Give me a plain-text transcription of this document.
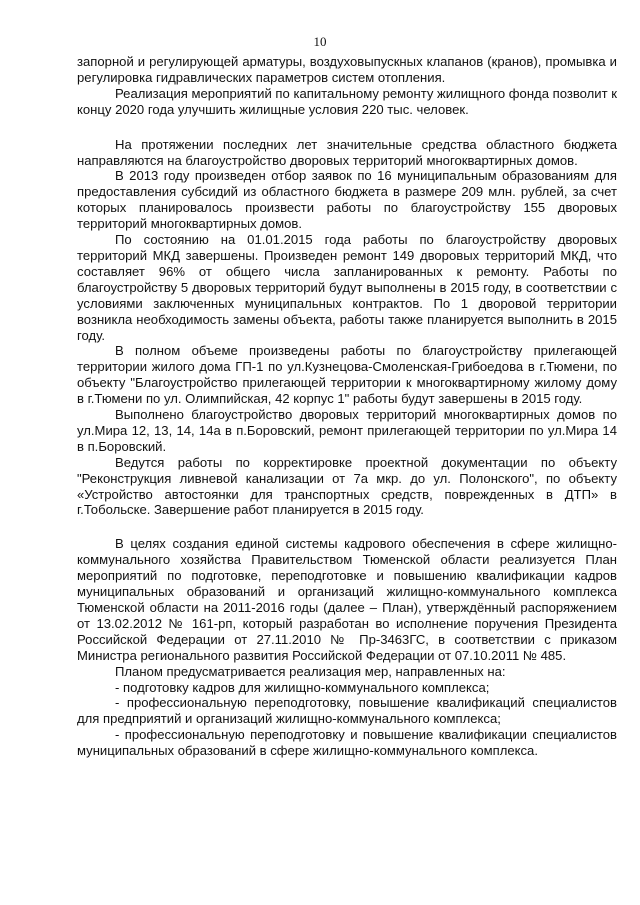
10

запорной и регулирующей арматуры, воздуховыпускных клапанов (кранов), промывка и регулировка гидравлических параметров систем отопления.

Реализация мероприятий по капитальному ремонту жилищного фонда позволит к концу 2020 года улучшить жилищные условия 220 тыс. человек.

На протяжении последних лет значительные средства областного бюджета направляются на благоустройство дворовых территорий многоквартирных домов.

В 2013 году произведен отбор заявок по 16 муниципальным образованиям для предоставления субсидий из областного бюджета в размере 209 млн. рублей, за счет которых планировалось произвести работы по благоустройству 155 дворовых территорий многоквартирных домов.

По состоянию на 01.01.2015 года работы по благоустройству дворовых территорий МКД завершены. Произведен ремонт 149 дворовых территорий МКД, что составляет 96% от общего числа запланированных к ремонту. Работы по благоустройству 5 дворовых территорий будут выполнены в 2015 году, в соответствии с условиями заключенных муниципальных контрактов. По 1 дворовой территории возникла необходимость замены объекта, работы также планируется выполнить в 2015 году.

В полном объеме произведены работы по благоустройству прилегающей территории жилого дома ГП-1 по ул.Кузнецова-Смоленская-Грибоедова в г.Тюмени, по объекту "Благоустройство прилегающей территории к многоквартирному жилому дому в г.Тюмени по ул. Олимпийская, 42 корпус 1" работы будут завершены в 2015 году.

Выполнено благоустройство дворовых территорий многоквартирных домов по ул.Мира 12, 13, 14, 14а в п.Боровский, ремонт прилегающей территории по ул.Мира 14 в п.Боровский.

Ведутся работы по корректировке проектной документации по объекту "Реконструкция ливневой канализации от 7а мкр. до ул. Полонского", по объекту «Устройство автостоянки для транспортных средств, поврежденных в ДТП» в г.Тобольске. Завершение работ планируется в 2015 году.

В целях создания единой системы кадрового обеспечения в сфере жилищно-коммунального хозяйства Правительством Тюменской области реализуется План мероприятий по подготовке, переподготовке и повышению квалификации кадров муниципальных образований и организаций жилищно-коммунального комплекса Тюменской области на 2011-2016 годы (далее – План), утверждённый распоряжением от 13.02.2012 № 161-рп, который разработан во исполнение поручения Президента Российской Федерации от 27.11.2010 № Пр-3463ГС, в соответствии с приказом Министра регионального развития Российской Федерации от 07.10.2011 № 485.

Планом предусматривается реализация мер, направленных на:

- подготовку кадров для жилищно-коммунального комплекса;

- профессиональную переподготовку, повышение квалификаций специалистов для предприятий и организаций жилищно-коммунального комплекса;

- профессиональную переподготовку и повышение квалификации специалистов муниципальных образований в сфере жилищно-коммунального комплекса.
